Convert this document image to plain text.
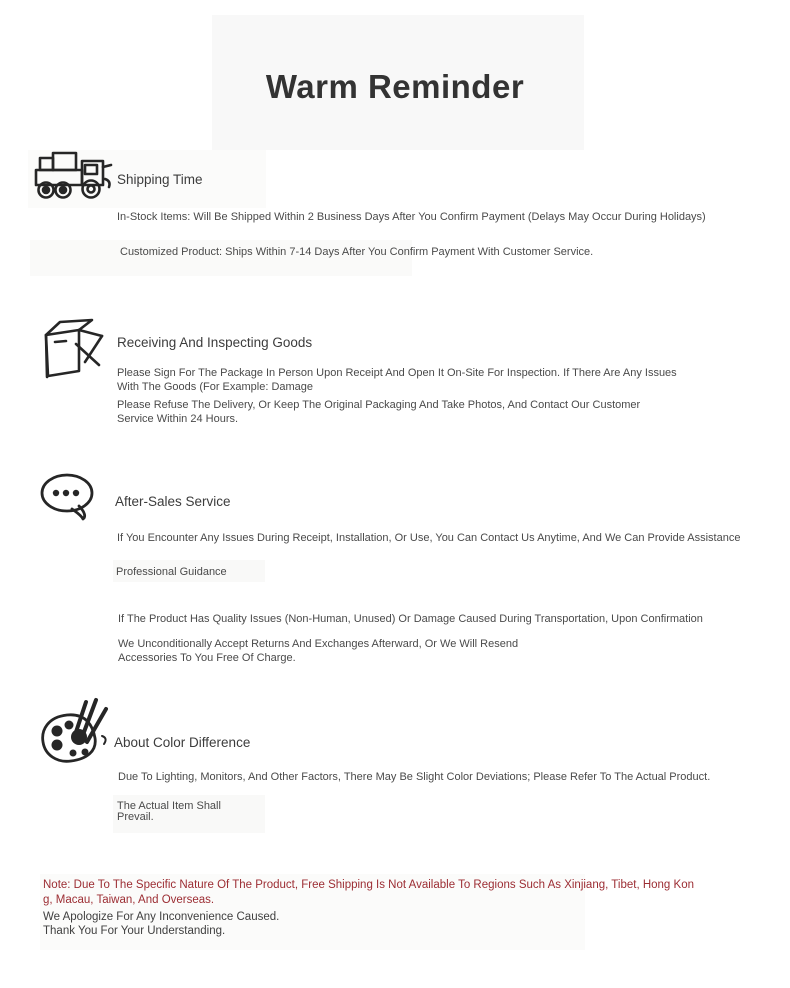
Warm Reminder
Shipping Time
In-Stock Items: Will Be Shipped Within 2 Business Days After You Confirm Payment (Delays May Occur During Holidays)
Customized Product: Ships Within 7-14 Days After You Confirm Payment With Customer Service.
Receiving And Inspecting Goods
Please Sign For The Package In Person Upon Receipt And Open It On-Site For Inspection. If There Are Any Issues
With The Goods (For Example: Damage
Please Refuse The Delivery, Or Keep The Original Packaging And Take Photos, And Contact Our Customer
Service Within 24 Hours.
After-Sales Service
If You Encounter Any Issues During Receipt, Installation, Or Use, You Can Contact Us Anytime, And We Can Provide Assistance
Professional Guidance
If The Product Has Quality Issues (Non-Human, Unused) Or Damage Caused During Transportation, Upon Confirmation
We Unconditionally Accept Returns And Exchanges Afterward, Or We Will Resend
Accessories To You Free Of Charge.
About Color Difference
Due To Lighting, Monitors, And Other Factors, There May Be Slight Color Deviations; Please Refer To The Actual Product.
The Actual Item Shall
Prevail.
Note: Due To The Specific Nature Of The Product, Free Shipping Is Not Available To Regions Such As Xinjiang, Tibet, Hong Kon
g, Macau, Taiwan, And Overseas.
We Apologize For Any Inconvenience Caused.
Thank You For Your Understanding.
